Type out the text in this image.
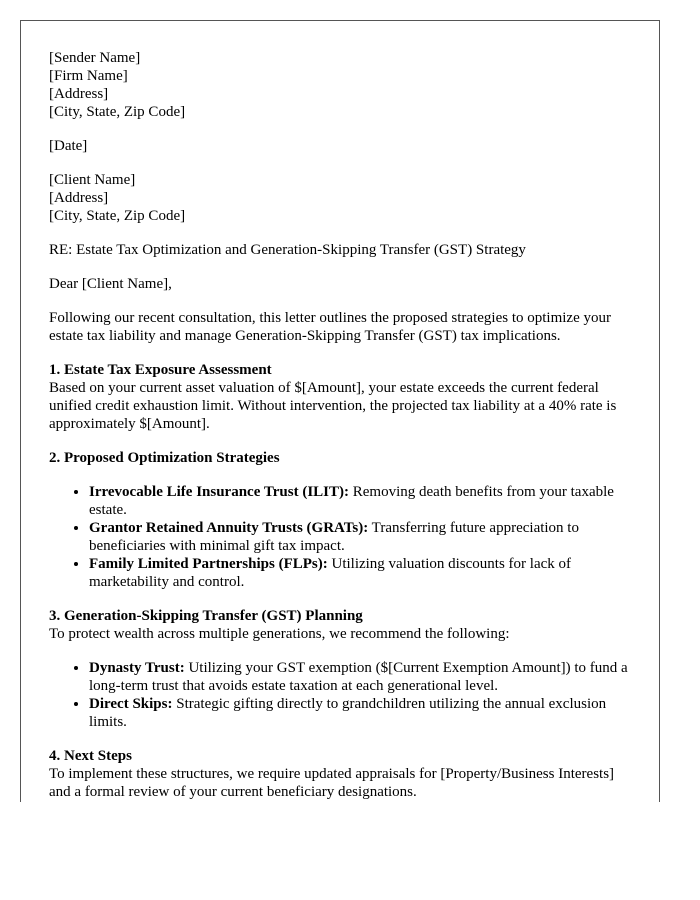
[Sender Name]
[Firm Name]
[Address]
[City, State, Zip Code]

[Date]

[Client Name]
[Address]
[City, State, Zip Code]

RE: Estate Tax Optimization and Generation-Skipping Transfer (GST) Strategy

Dear [Client Name],

Following our recent consultation, this letter outlines the proposed strategies to optimize your estate tax liability and manage Generation-Skipping Transfer (GST) tax implications.

1. Estate Tax Exposure Assessment
Based on your current asset valuation of $[Amount], your estate exceeds the current federal unified credit exhaustion limit. Without intervention, the projected tax liability at a 40% rate is approximately $[Amount].

2. Proposed Optimization Strategies

• Irrevocable Life Insurance Trust (ILIT): Removing death benefits from your taxable estate.
• Grantor Retained Annuity Trusts (GRATs): Transferring future appreciation to beneficiaries with minimal gift tax impact.
• Family Limited Partnerships (FLPs): Utilizing valuation discounts for lack of marketability and control.

3. Generation-Skipping Transfer (GST) Planning
To protect wealth across multiple generations, we recommend the following:

• Dynasty Trust: Utilizing your GST exemption ($[Current Exemption Amount]) to fund a long-term trust that avoids estate taxation at each generational level.
• Direct Skips: Strategic gifting directly to grandchildren utilizing the annual exclusion limits.

4. Next Steps
To implement these structures, we require updated appraisals for [Property/Business Interests] and a formal review of your current beneficiary designations.
